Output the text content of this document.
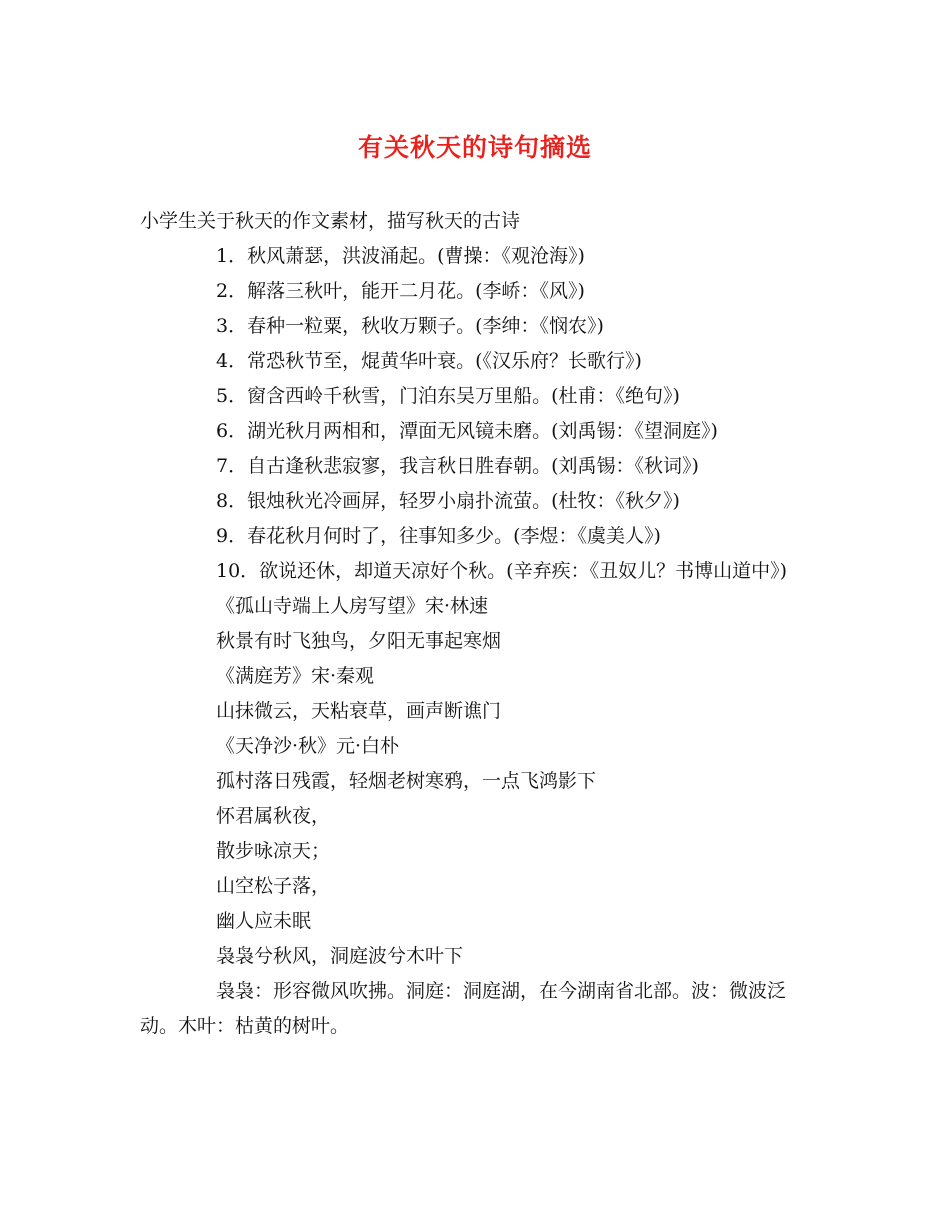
有关秋天的诗句摘选
小学生关于秋天的作文素材，描写秋天的古诗
1．秋风萧瑟，洪波涌起。(曹操：《观沧海》)
2．解落三秋叶，能开二月花。(李峤：《风》)
3．春种一粒粟，秋收万颗子。(李绅：《悯农》)
4．常恐秋节至，焜黄华叶衰。(《汉乐府？长歌行》)
5．窗含西岭千秋雪，门泊东吴万里船。(杜甫：《绝句》)
6．湖光秋月两相和，潭面无风镜未磨。(刘禹锡：《望洞庭》)
7．自古逢秋悲寂寥，我言秋日胜春朝。(刘禹锡：《秋词》)
8．银烛秋光冷画屏，轻罗小扇扑流萤。(杜牧：《秋夕》)
9．春花秋月何时了，往事知多少。(李煜：《虞美人》)
10．欲说还休，却道天凉好个秋。(辛弃疾：《丑奴儿？书博山道中》)
《孤山寺端上人房写望》宋·林速
秋景有时飞独鸟，夕阳无事起寒烟
《满庭芳》宋·秦观
山抹微云，天粘衰草，画声断谯门
《天净沙·秋》元·白朴
孤村落日残霞，轻烟老树寒鸦，一点飞鸿影下
怀君属秋夜，
散步咏凉天；
山空松子落，
幽人应未眠
袅袅兮秋风，洞庭波兮木叶下
袅袅：形容微风吹拂。洞庭：洞庭湖，在今湖南省北部。波：微波泛动。木叶：枯黄的树叶。
